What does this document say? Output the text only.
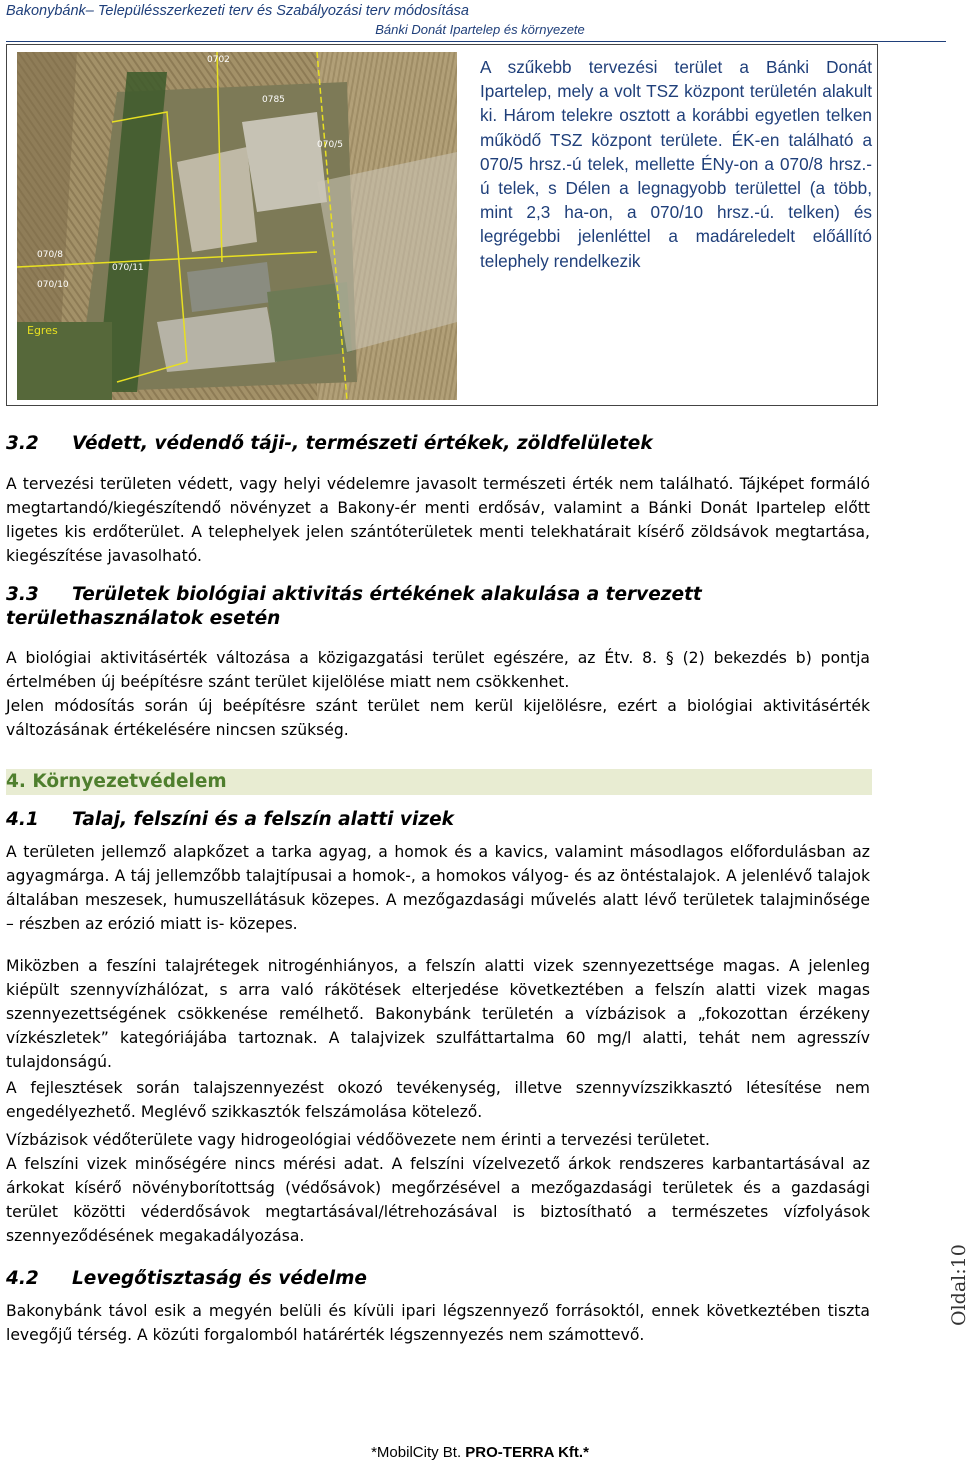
Bakonybánk– Településszerkezeti terv és Szabályozási terv módosítása
Bánki Donát Ipartelep és környezete
0702
0785
070/5
070/8
070/10
070/11
Egres
A szűkebb tervezési terület a Bánki Donát Ipartelep, mely a volt TSZ központ területén alakult ki. Három telekre osztott a korábbi egyetlen telken működő TSZ központ területe. ÉK-en található a 070/5 hrsz.-ú telek, mellette ÉNy-on a 070/8 hrsz.-ú telek, s Délen a legnagyobb területtel (a több, mint 2,3 ha-on, a 070/10 hrsz.-ú. telken) és legrégebbi jelenléttel a madáreledelt előállító telephely rendelkezik
3.2 Védett, védendő táji-, természeti értékek, zöldfelületek
A tervezési területen védett, vagy helyi védelemre javasolt természeti érték nem található. Tájképet formáló megtartandó/kiegészítendő növényzet a Bakony-ér menti erdősáv, valamint a Bánki Donát Ipartelep előtt ligetes kis erdőterület. A telephelyek jelen szántóterületek menti telekhatárait kísérő zöldsávok megtartása, kiegészítése javasolható.
3.3 Területek biológiai aktivitás értékének alakulása a tervezett területhasználatok esetén
A biológiai aktivitásérték változása a közigazgatási terület egészére, az Étv. 8. § (2) bekezdés b) pontja értelmében új beépítésre szánt terület kijelölése miatt nem csökkenhet.
Jelen módosítás során új beépítésre szánt terület nem kerül kijelölésre, ezért a biológiai aktivitásérték változásának értékelésére nincsen szükség.
4. Környezetvédelem
4.1 Talaj, felszíni és a felszín alatti vizek
A területen jellemző alapkőzet a tarka agyag, a homok és a kavics, valamint másodlagos előfordulásban az agyagmárga. A táj jellemzőbb talajtípusai a homok-, a homokos vályog- és az öntéstalajok. A jelenlévő talajok általában meszesek, humuszellátásuk közepes. A mezőgazdasági művelés alatt lévő területek talajminősége – részben az erózió miatt is- közepes.
Miközben a feszíni talajrétegek nitrogénhiányos, a felszín alatti vizek szennyezettsége magas. A jelenleg kiépült szennyvízhálózat, s arra való rákötések elterjedése következtében a felszín alatti vizek magas szennyezettségének csökkenése remélhető. Bakonybánk területén a vízbázisok a „fokozottan érzékeny vízkészletek” kategóriájába tartoznak. A talajvizek szulfáttartalma 60 mg/l alatti, tehát nem agresszív tulajdonságú.
A fejlesztések során talajszennyezést okozó tevékenység, illetve szennyvízszikkasztó létesítése nem engedélyezhető. Meglévő szikkasztók felszámolása kötelező.
Vízbázisok védőterülete vagy hidrogeológiai védőövezete nem érinti a tervezési területet.
A felszíni vizek minőségére nincs mérési adat. A felszíni vízelvezető árkok rendszeres karbantartásával az árkokat kísérő növényborítottság (védősávok) megőrzésével a mezőgazdasági területek és a gazdasági terület közötti véderdősávok megtartásával/létrehozásával is biztosítható a természetes vízfolyások szennyeződésének megakadályozása.
4.2 Levegőtisztaság és védelme
Bakonybánk távol esik a megyén belüli és kívüli ipari légszennyező forrásoktól, ennek következtében tiszta levegőjű térség. A közúti forgalomból határérték légszennyezés nem számottevő.
Oldal:10
*MobilCity Bt. PRO-TERRA Kft.*
